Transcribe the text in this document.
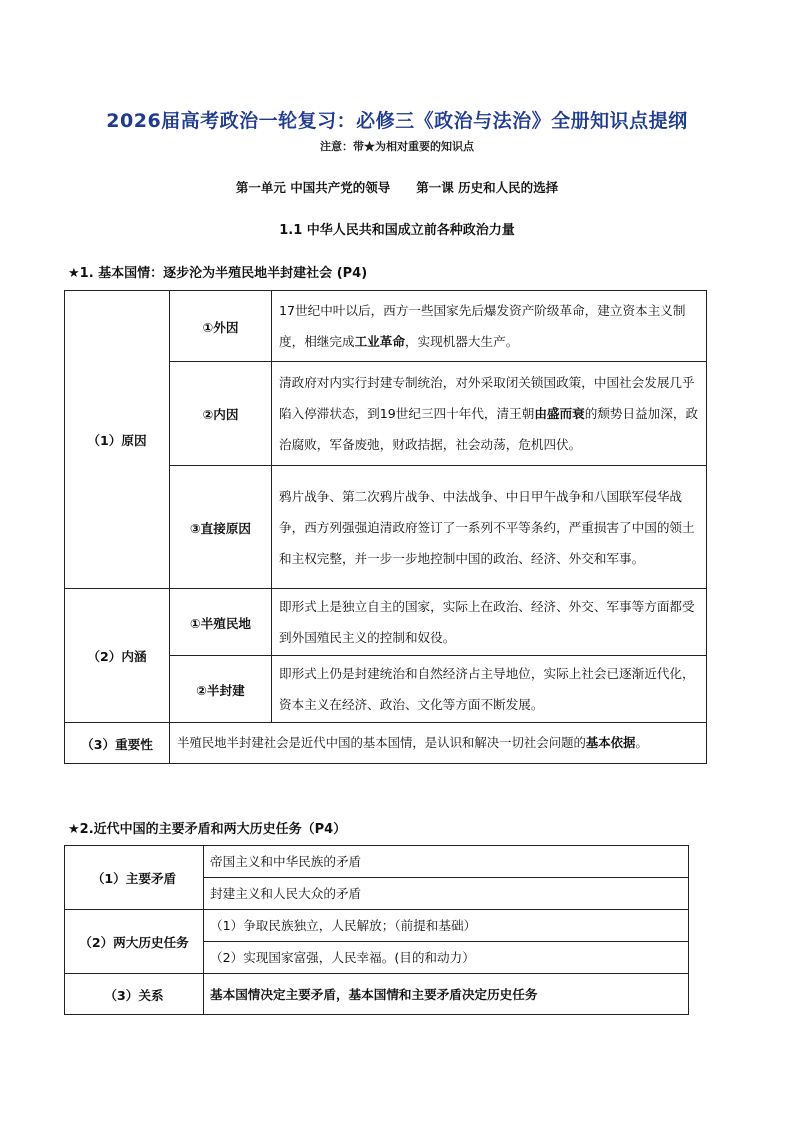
2026届高考政治一轮复习：必修三《政治与法治》全册知识点提纲
注意：带★为相对重要的知识点
第一单元 中国共产党的领导 第一课 历史和人民的选择
1.1 中华人民共和国成立前各种政治力量
★1. 基本国情：逐步沦为半殖民地半封建社会 (P4)
（1）原因	①外因	17世纪中叶以后，西方一些国家先后爆发资产阶级革命，建立资本主义制度，相继完成工业革命，实现机器大生产。
	②内因	清政府对内实行封建专制统治，对外采取闭关锁国政策，中国社会发展几乎陷入停滞状态，到19世纪三四十年代，清王朝由盛而衰的颓势日益加深，政治腐败，军备废弛，财政拮据，社会动荡，危机四伏。
	③直接原因	鸦片战争、第二次鸦片战争、中法战争、中日甲午战争和八国联军侵华战争，西方列强强迫清政府签订了一系列不平等条约，严重损害了中国的领土和主权完整，并一步一步地控制中国的政治、经济、外交和军事。
（2）内涵	①半殖民地	即形式上是独立自主的国家，实际上在政治、经济、外交、军事等方面都受到外国殖民主义的控制和奴役。
	②半封建	即形式上仍是封建统治和自然经济占主导地位，实际上社会已逐渐近代化，资本主义在经济、政治、文化等方面不断发展。
（3）重要性	半殖民地半封建社会是近代中国的基本国情，是认识和解决一切社会问题的基本依据。	
★2.近代中国的主要矛盾和两大历史任务（P4）
（1）主要矛盾	帝国主义和中华民族的矛盾
	封建主义和人民大众的矛盾
（2）两大历史任务	（1）争取民族独立，人民解放；（前提和基础）
	（2）实现国家富强，人民幸福。(目的和动力）
（3）关系	基本国情决定主要矛盾，基本国情和主要矛盾决定历史任务
